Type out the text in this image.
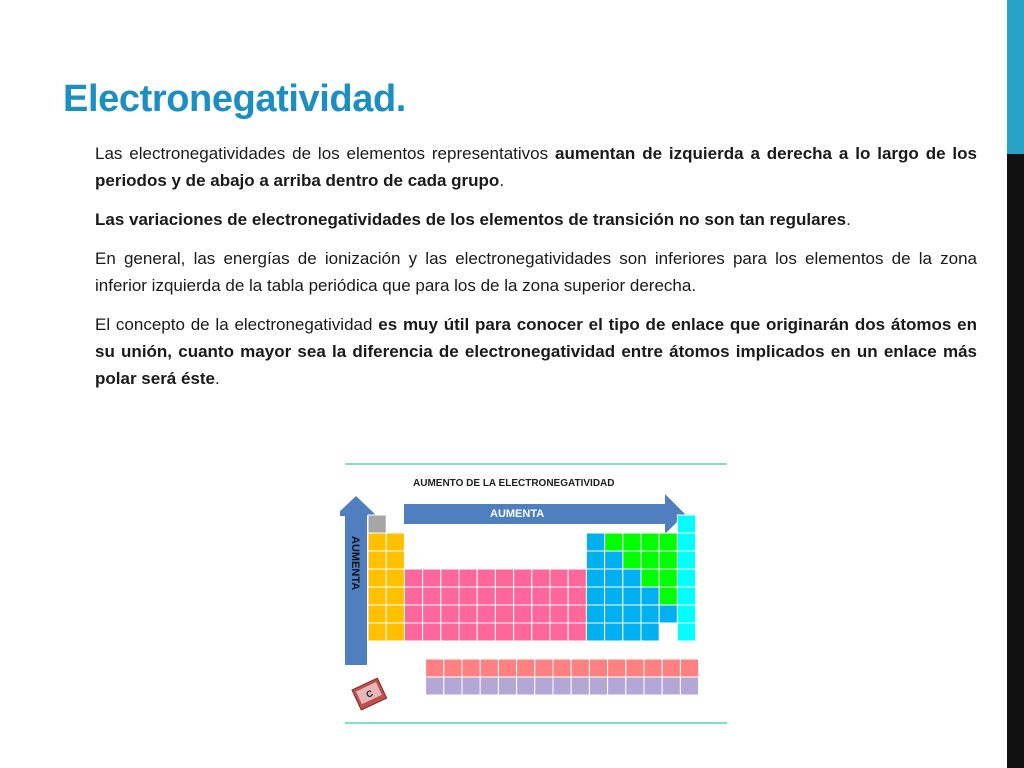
Electronegatividad.

Las electronegatividades de los elementos representativos aumentan de izquierda a derecha a lo largo de los periodos y de abajo a arriba dentro de cada grupo.

Las variaciones de electronegatividades de los elementos de transición no son tan regulares.

En general, las energías de ionización y las electronegatividades son inferiores para los elementos de la zona inferior izquierda de la tabla periódica que para los de la zona superior derecha.

El concepto de la electronegatividad es muy útil para conocer el tipo de enlace que originarán dos átomos en su unión, cuanto mayor sea la diferencia de electronegatividad entre átomos implicados en un enlace más polar será éste.

AUMENTO DE LA ELECTRONEGATIVIDAD
AUMENTA
AUMENTA
C
